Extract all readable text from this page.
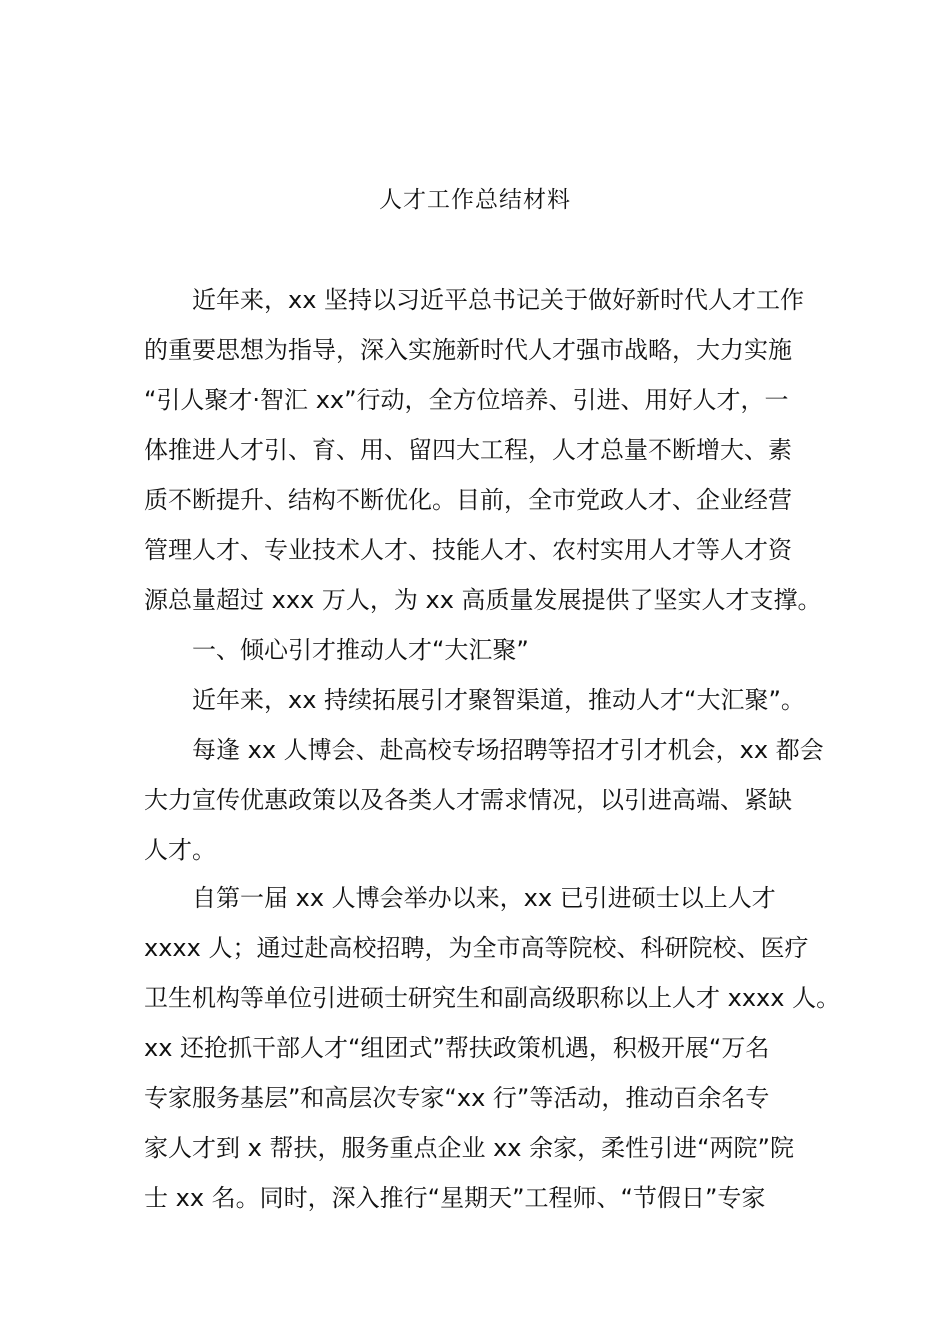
人才工作总结材料

近年来，xx 坚持以习近平总书记关于做好新时代人才工作

的重要思想为指导，深入实施新时代人才强市战略，大力实施

“引人聚才·智汇 xx”行动，全方位培养、引进、用好人才，一

体推进人才引、育、用、留四大工程，人才总量不断增大、素

质不断提升、结构不断优化。目前，全市党政人才、企业经营

管理人才、专业技术人才、技能人才、农村实用人才等人才资

源总量超过 xxx 万人，为 xx 高质量发展提供了坚实人才支撑。

一、倾心引才推动人才“大汇聚”

近年来，xx 持续拓展引才聚智渠道，推动人才“大汇聚”。

每逢 xx 人博会、赴高校专场招聘等招才引才机会，xx 都会

大力宣传优惠政策以及各类人才需求情况，以引进高端、紧缺

人才。

自第一届 xx 人博会举办以来，xx 已引进硕士以上人才

xxxx 人；通过赴高校招聘，为全市高等院校、科研院校、医疗

卫生机构等单位引进硕士研究生和副高级职称以上人才 xxxx 人。

xx 还抢抓干部人才“组团式”帮扶政策机遇，积极开展“万名

专家服务基层”和高层次专家“xx 行”等活动，推动百余名专

家人才到 x 帮扶，服务重点企业 xx 余家，柔性引进“两院”院

士 xx 名。同时，深入推行“星期天”工程师、“节假日”专家
